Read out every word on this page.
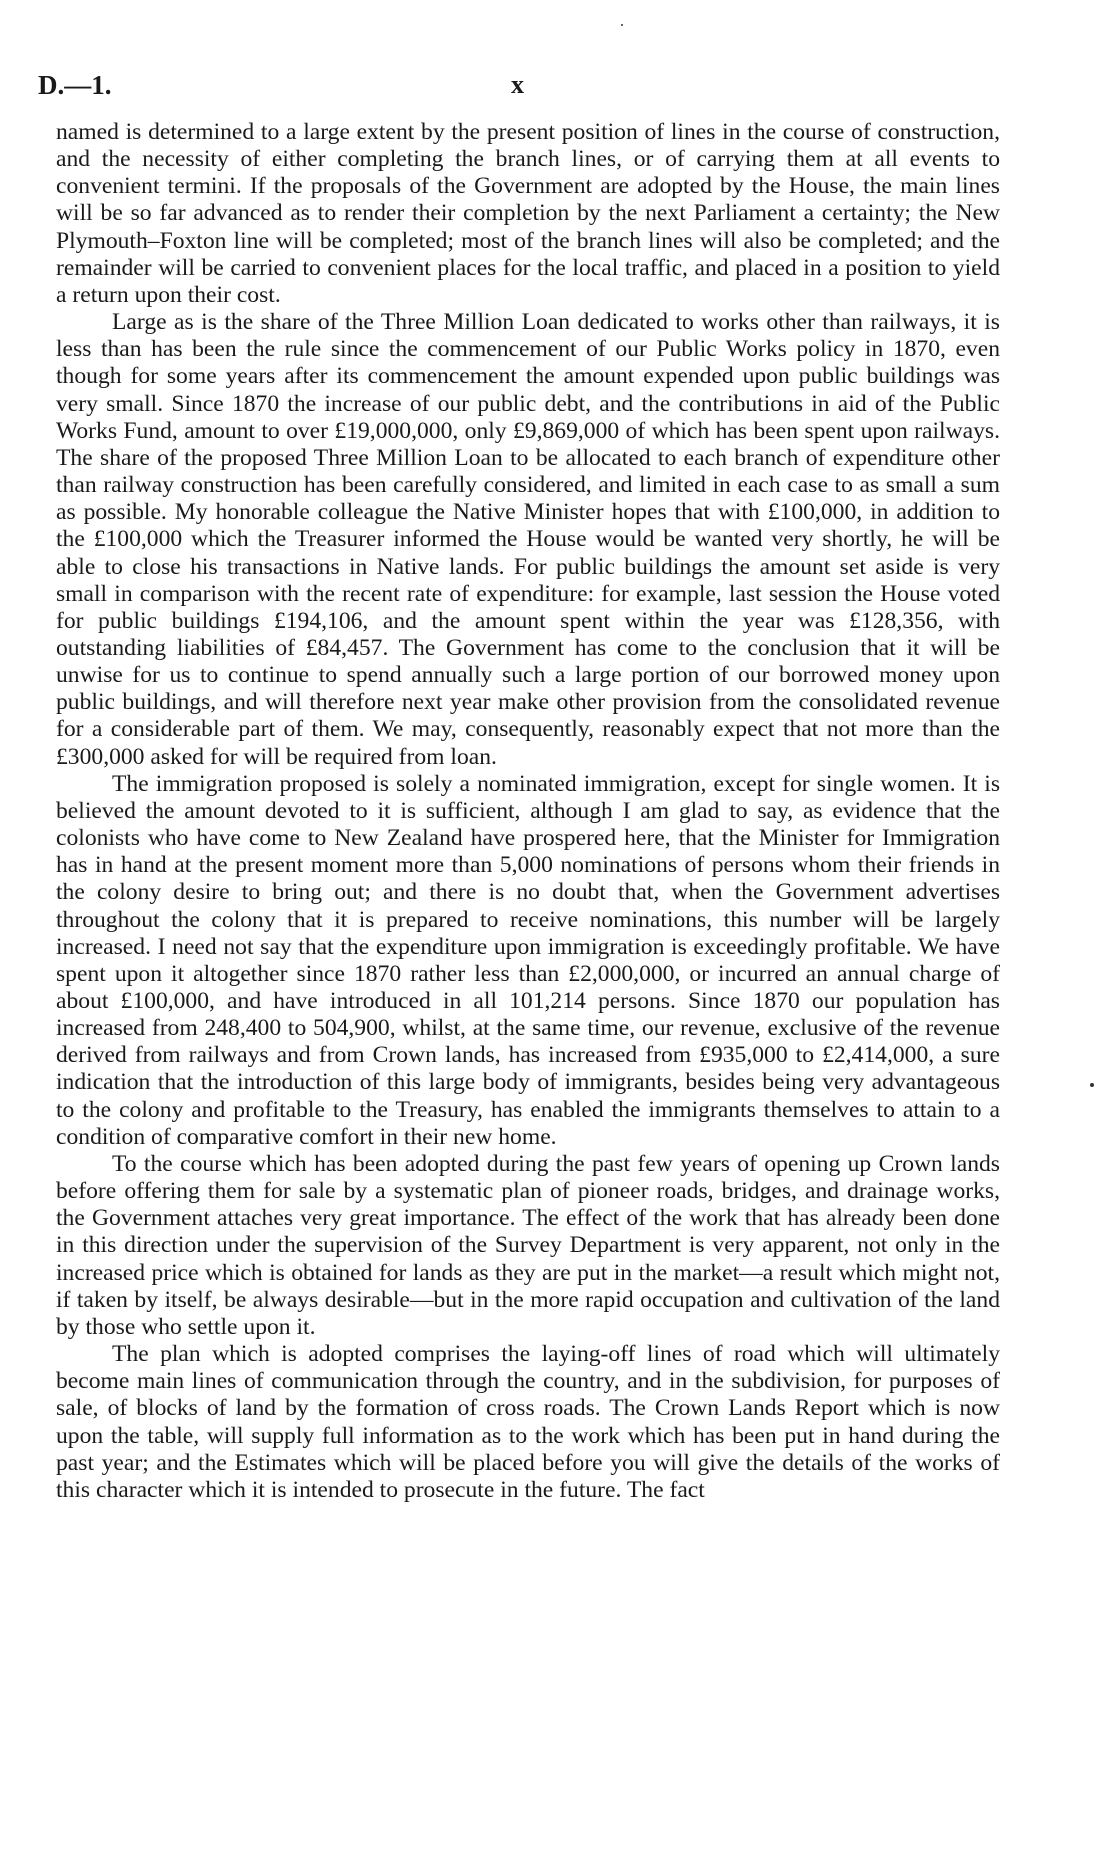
D.—1.	x

named is determined to a large extent by the present position of lines in the course of construction, and the necessity of either completing the branch lines, or of carrying them at all events to convenient termini. If the proposals of the Government are adopted by the House, the main lines will be so far advanced as to render their completion by the next Parliament a certainty; the New Plymouth–Foxton line will be completed; most of the branch lines will also be completed; and the remainder will be carried to convenient places for the local traffic, and placed in a position to yield a return upon their cost.

Large as is the share of the Three Million Loan dedicated to works other than railways, it is less than has been the rule since the commencement of our Public Works policy in 1870, even though for some years after its commencement the amount expended upon public buildings was very small. Since 1870 the increase of our public debt, and the contributions in aid of the Public Works Fund, amount to over £19,000,000, only £9,869,000 of which has been spent upon railways. The share of the proposed Three Million Loan to be allocated to each branch of expenditure other than railway construction has been carefully considered, and limited in each case to as small a sum as possible. My honorable colleague the Native Minister hopes that with £100,000, in addition to the £100,000 which the Treasurer informed the House would be wanted very shortly, he will be able to close his transactions in Native lands. For public buildings the amount set aside is very small in comparison with the recent rate of expenditure: for example, last session the House voted for public buildings £194,106, and the amount spent within the year was £128,356, with outstanding liabilities of £84,457. The Government has come to the conclusion that it will be unwise for us to continue to spend annually such a large portion of our borrowed money upon public buildings, and will therefore next year make other provision from the consolidated revenue for a considerable part of them. We may, consequently, reasonably expect that not more than the £300,000 asked for will be required from loan.

The immigration proposed is solely a nominated immigration, except for single women. It is believed the amount devoted to it is sufficient, although I am glad to say, as evidence that the colonists who have come to New Zealand have prospered here, that the Minister for Immigration has in hand at the present moment more than 5,000 nominations of persons whom their friends in the colony desire to bring out; and there is no doubt that, when the Government advertises throughout the colony that it is prepared to receive nominations, this number will be largely increased. I need not say that the expenditure upon immigration is exceedingly profitable. We have spent upon it altogether since 1870 rather less than £2,000,000, or incurred an annual charge of about £100,000, and have introduced in all 101,214 persons. Since 1870 our population has increased from 248,400 to 504,900, whilst, at the same time, our revenue, exclusive of the revenue derived from railways and from Crown lands, has increased from £935,000 to £2,414,000, a sure indication that the introduction of this large body of immigrants, besides being very advantageous to the colony and profitable to the Treasury, has enabled the immigrants themselves to attain to a condition of comparative comfort in their new home.

To the course which has been adopted during the past few years of opening up Crown lands before offering them for sale by a systematic plan of pioneer roads, bridges, and drainage works, the Government attaches very great importance. The effect of the work that has already been done in this direction under the supervision of the Survey Department is very apparent, not only in the increased price which is obtained for lands as they are put in the market—a result which might not, if taken by itself, be always desirable—but in the more rapid occupation and cultivation of the land by those who settle upon it.

The plan which is adopted comprises the laying-off lines of road which will ultimately become main lines of communication through the country, and in the subdivision, for purposes of sale, of blocks of land by the formation of cross roads. The Crown Lands Report which is now upon the table, will supply full information as to the work which has been put in hand during the past year; and the Estimates which will be placed before you will give the details of the works of this character which it is intended to prosecute in the future. The fact
